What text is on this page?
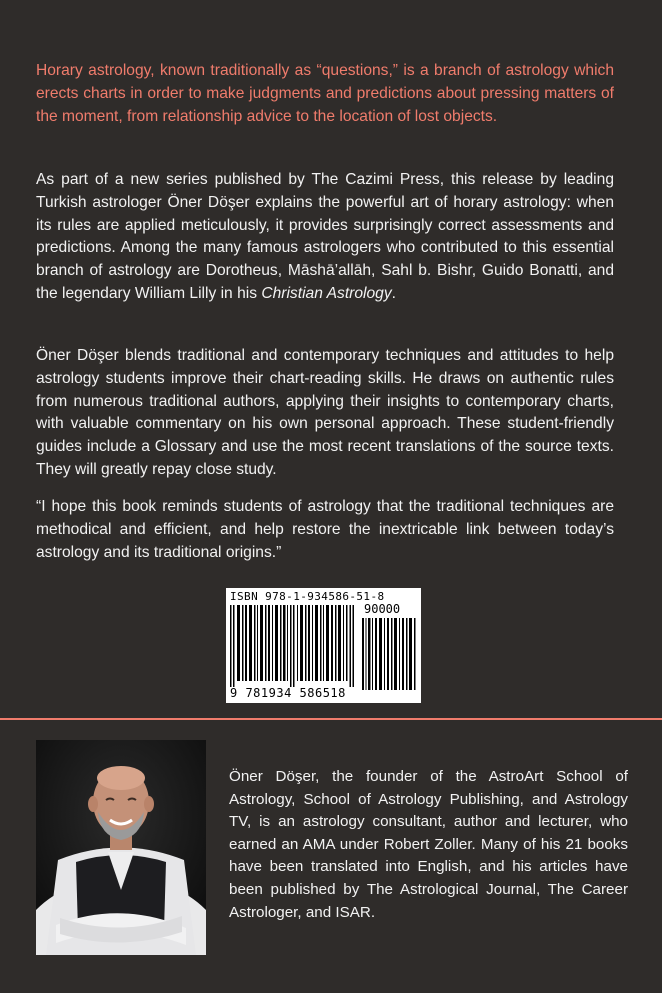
Horary astrology, known traditionally as “questions,” is a branch of astrology which erects charts in order to make judgments and predictions about pressing matters of the moment, from relationship advice to the location of lost objects.

As part of a new series published by The Cazimi Press, this release by leading Turkish astrologer Öner Döşer explains the powerful art of horary astrology: when its rules are applied meticulously, it provides surprisingly correct assessments and predictions. Among the many famous astrologers who contributed to this essential branch of astrology are Dorotheus, Māshā’allāh, Sahl b. Bishr, Guido Bonatti, and the legendary William Lilly in his Christian Astrology.

Öner Döşer blends traditional and contemporary techniques and attitudes to help astrology students improve their chart-reading skills. He draws on authentic rules from numerous traditional authors, applying their insights to contemporary charts, with valuable commentary on his own personal approach. These student-friendly guides include a Glossary and use the most recent translations of the source texts. They will greatly repay close study.

“I hope this book reminds students of astrology that the traditional techniques are methodical and efficient, and help restore the inextricable link between today’s astrology and its traditional origins.”

ISBN 978-1-934586-51-8
90000
9 781934 586518

Öner Döşer, the founder of the AstroArt School of Astrology, School of Astrology Publishing, and Astrology TV, is an astrology consultant, author and lecturer, who earned an AMA under Robert Zoller. Many of his 21 books have been translated into English, and his articles have been published by The Astrological Journal, The Career Astrologer, and ISAR.
